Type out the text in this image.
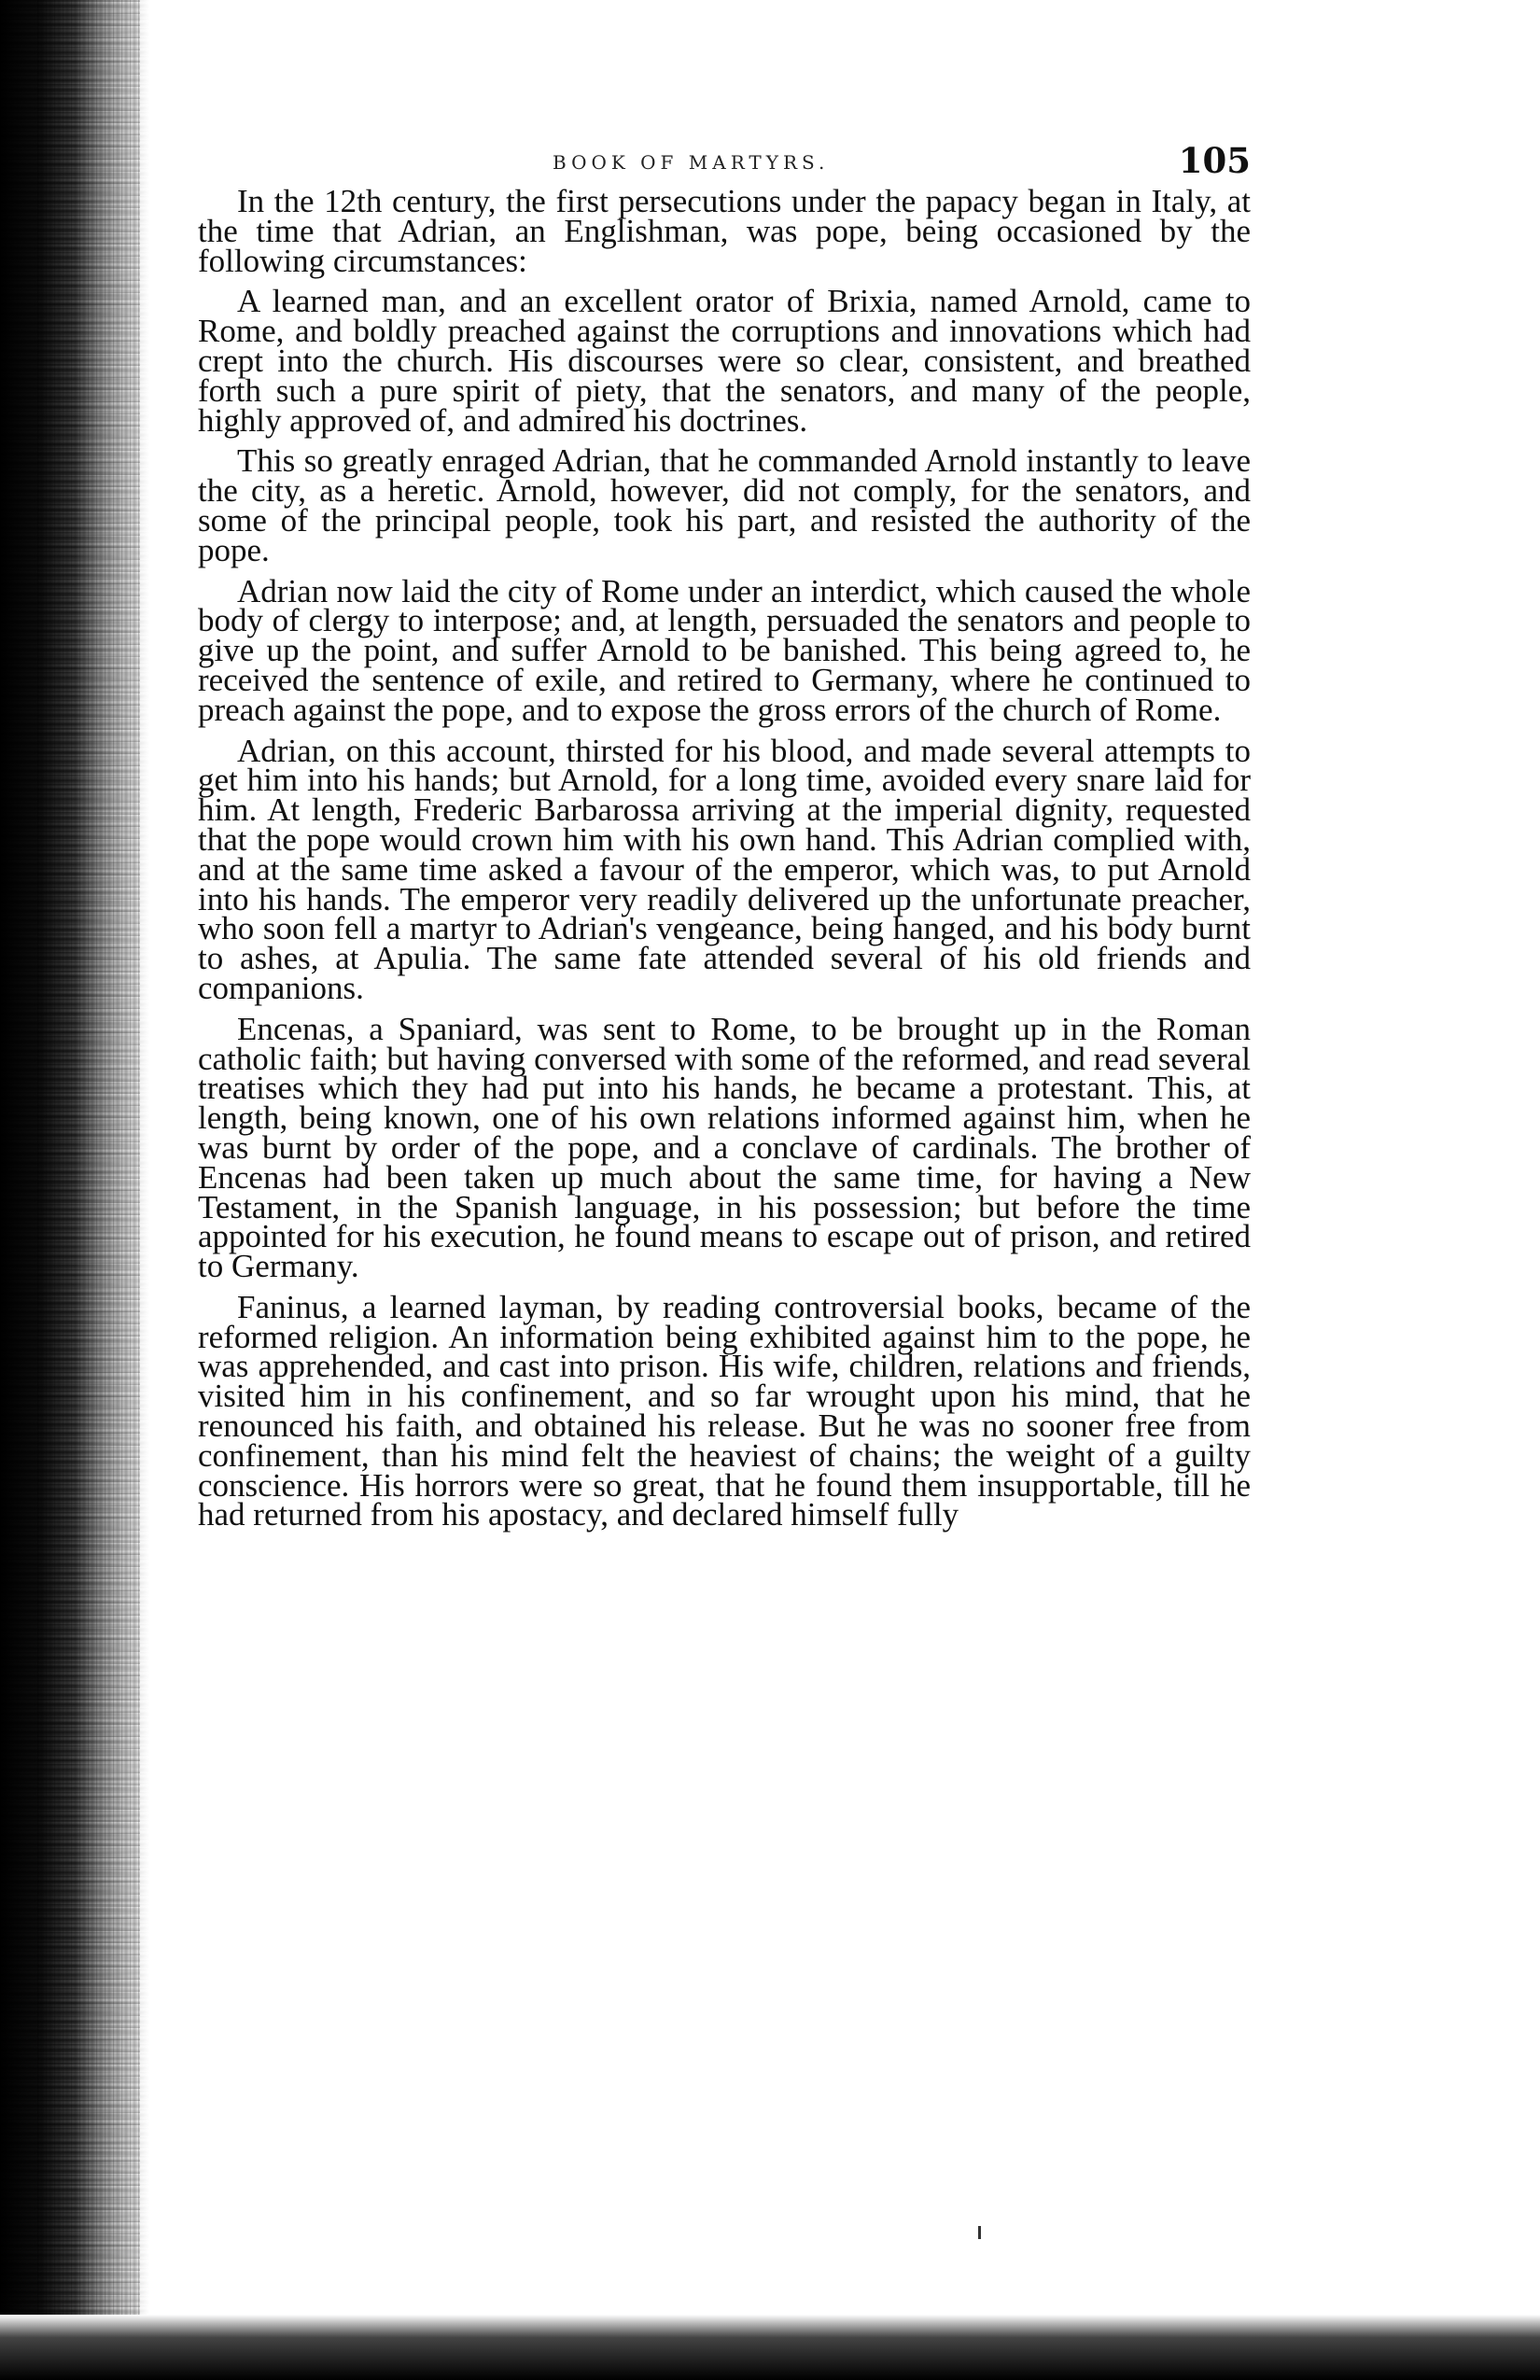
BOOK OF MARTYRS.	105

In the 12th century, the first persecutions under the papacy began in Italy, at the time that Adrian, an Englishman, was pope, being occasioned by the following circumstances:

A learned man, and an excellent orator of Brixia, named Arnold, came to Rome, and boldly preached against the corruptions and innovations which had crept into the church. His discourses were so clear, consistent, and breathed forth such a pure spirit of piety, that the senators, and many of the people, highly approved of, and admired his doctrines.

This so greatly enraged Adrian, that he commanded Arnold instantly to leave the city, as a heretic. Arnold, however, did not comply, for the senators, and some of the principal people, took his part, and resisted the authority of the pope.

Adrian now laid the city of Rome under an interdict, which caused the whole body of clergy to interpose; and, at length, persuaded the senators and people to give up the point, and suffer Arnold to be banished. This being agreed to, he received the sentence of exile, and retired to Germany, where he continued to preach against the pope, and to expose the gross errors of the church of Rome.

Adrian, on this account, thirsted for his blood, and made several attempts to get him into his hands; but Arnold, for a long time, avoided every snare laid for him. At length, Frederic Barbarossa arriving at the imperial dignity, requested that the pope would crown him with his own hand. This Adrian complied with, and at the same time asked a favour of the emperor, which was, to put Arnold into his hands. The emperor very readily delivered up the unfortunate preacher, who soon fell a martyr to Adrian's vengeance, being hanged, and his body burnt to ashes, at Apulia. The same fate attended several of his old friends and companions.

Encenas, a Spaniard, was sent to Rome, to be brought up in the Roman catholic faith; but having conversed with some of the reformed, and read several treatises which they had put into his hands, he became a protestant. This, at length, being known, one of his own relations informed against him, when he was burnt by order of the pope, and a conclave of cardinals. The brother of Encenas had been taken up much about the same time, for having a New Testament, in the Spanish language, in his possession; but before the time appointed for his execution, he found means to escape out of prison, and retired to Germany.

Faninus, a learned layman, by reading controversial books, became of the reformed religion. An information being exhibited against him to the pope, he was apprehended, and cast into prison. His wife, children, relations and friends, visited him in his confinement, and so far wrought upon his mind, that he renounced his faith, and obtained his release. But he was no sooner free from confinement, than his mind felt the heaviest of chains; the weight of a guilty conscience. His horrors were so great, that he found them insupportable, till he had returned from his apostacy, and declared himself fully
